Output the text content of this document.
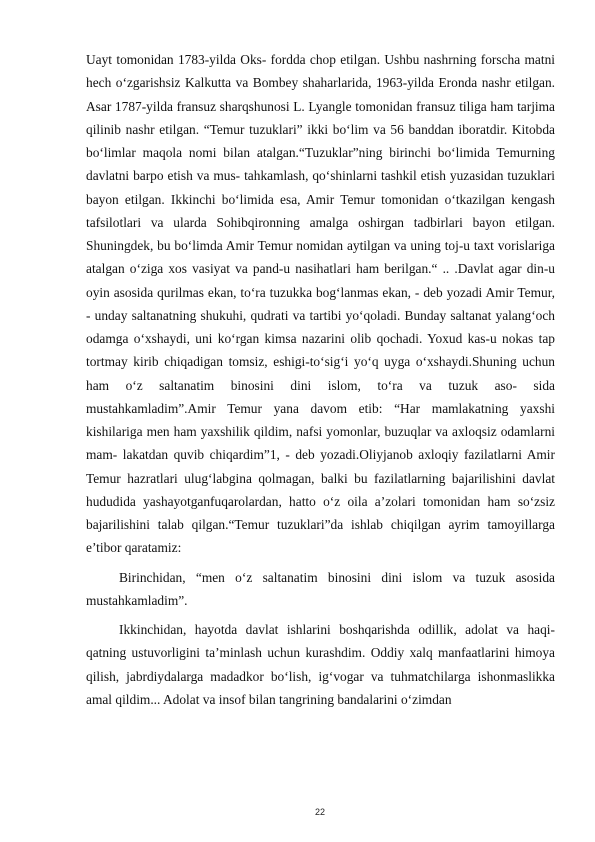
Uayt tomonidan 1783-yilda Oks- fordda chop etilgan. Ushbu nashrning forscha matni hech o‘zgarishsiz Kalkutta va Bombey shaharlarida, 1963-yilda Eronda nashr etilgan. Asar 1787-yilda fransuz sharqshunosi L. Lyangle tomonidan fransuz tiliga ham tarjima qilinib nashr etilgan. “Temur tuzuklari” ikki bo‘lim va 56 banddan iboratdir. Kitobda bo‘limlar maqola nomi bilan atalgan.“Tuzuklar”ning birinchi bo‘limida Temurning davlatni barpo etish va mus- tahkamlash, qo‘shinlarni tashkil etish yuzasidan tuzuklari bayon etilgan. Ikkinchi bo‘limida esa, Amir Temur tomonidan o‘tkazilgan kengash tafsilotlari va ularda Sohibqironning amalga oshirgan tadbirlari bayon etilgan. Shuningdek, bu bo‘limda Amir Temur nomidan aytilgan va uning toj-u taxt vorislariga atalgan o‘ziga xos vasiyat va pand-u nasihatlari ham berilgan.“ .. .Davlat agar din-u oyin asosida qurilmas ekan, to‘ra tuzukka bog‘lanmas ekan, - deb yozadi Amir Temur, - unday saltanatning shukuhi, qudrati va tartibi yo‘qoladi. Bunday saltanat yalang‘och odamga o‘xshaydi, uni ko‘rgan kimsa nazarini olib qochadi. Yoxud kas-u nokas tap tortmay kirib chiqadigan tomsiz, eshigi-to‘sig‘i yo‘q uyga o‘xshaydi.Shuning uchun ham o‘z saltanatim binosini dini islom, to‘ra va tuzuk aso- sida mustahkamladim”.Amir Temur yana davom etib: “Har mamlakatning yaxshi kishilariga men ham yaxshilik qildim, nafsi yomonlar, buzuqlar va axloqsiz odamlarni mam- lakatdan quvib chiqardim”1, - deb yozadi.Oliyjanob axloqiy fazilatlarni Amir Temur hazratlari ulug‘labgina qolmagan, balki bu fazilatlarning bajarilishini davlat hududida yashayotganfuqarolardan, hatto o‘z oila a’zolari tomonidan ham so‘zsiz bajarilishini talab qilgan.“Temur tuzuklari”da ishlab chiqilgan ayrim tamoyillarga e’tibor qaratamiz:

Birinchidan, “men o‘z saltanatim binosini dini islom va tuzuk asosida mustahkamladim”.

Ikkinchidan, hayotda davlat ishlarini boshqarishda odillik, adolat va haqi- qatning ustuvorligini ta’minlash uchun kurashdim. Oddiy xalq manfaatlarini himoya qilish, jabrdiydalarga madadkor bo‘lish, ig‘vogar va tuhmatchilarga ishonmaslikka amal qildim... Adolat va insof bilan tangrining bandalarini o‘zimdan

22
